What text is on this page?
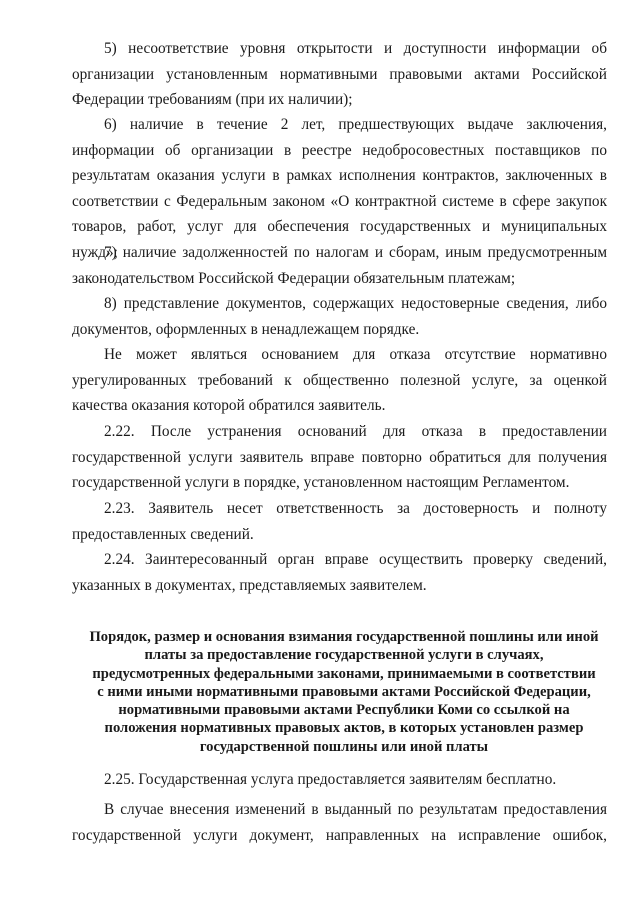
5) несоответствие уровня открытости и доступности информации об организации установленным нормативными правовыми актами Российской Федерации требованиям (при их наличии);

6) наличие в течение 2 лет, предшествующих выдаче заключения, информации об организации в реестре недобросовестных поставщиков по результатам оказания услуги в рамках исполнения контрактов, заключенных в соответствии с Федеральным законом «О контрактной системе в сфере закупок товаров, работ, услуг для обеспечения государственных и муниципальных нужд»;

7) наличие задолженностей по налогам и сборам, иным предусмотренным законодательством Российской Федерации обязательным платежам;

8) представление документов, содержащих недостоверные сведения, либо документов, оформленных в ненадлежащем порядке.

Не может являться основанием для отказа отсутствие нормативно урегулированных требований к общественно полезной услуге, за оценкой качества оказания которой обратился заявитель.

2.22. После устранения оснований для отказа в предоставлении государственной услуги заявитель вправе повторно обратиться для получения государственной услуги в порядке, установленном настоящим Регламентом.

2.23. Заявитель несет ответственность за достоверность и полноту предоставленных сведений.

2.24. Заинтересованный орган вправе осуществить проверку сведений, указанных в документах, представляемых заявителем.

Порядок, размер и основания взимания государственной пошлины или иной платы за предоставление государственной услуги в случаях, предусмотренных федеральными законами, принимаемыми в соответствии с ними иными нормативными правовыми актами Российской Федерации, нормативными правовыми актами Республики Коми со ссылкой на положения нормативных правовых актов, в которых установлен размер государственной пошлины или иной платы

2.25. Государственная услуга предоставляется заявителям бесплатно.

В случае внесения изменений в выданный по результатам предоставления государственной услуги документ, направленных на исправление ошибок,
